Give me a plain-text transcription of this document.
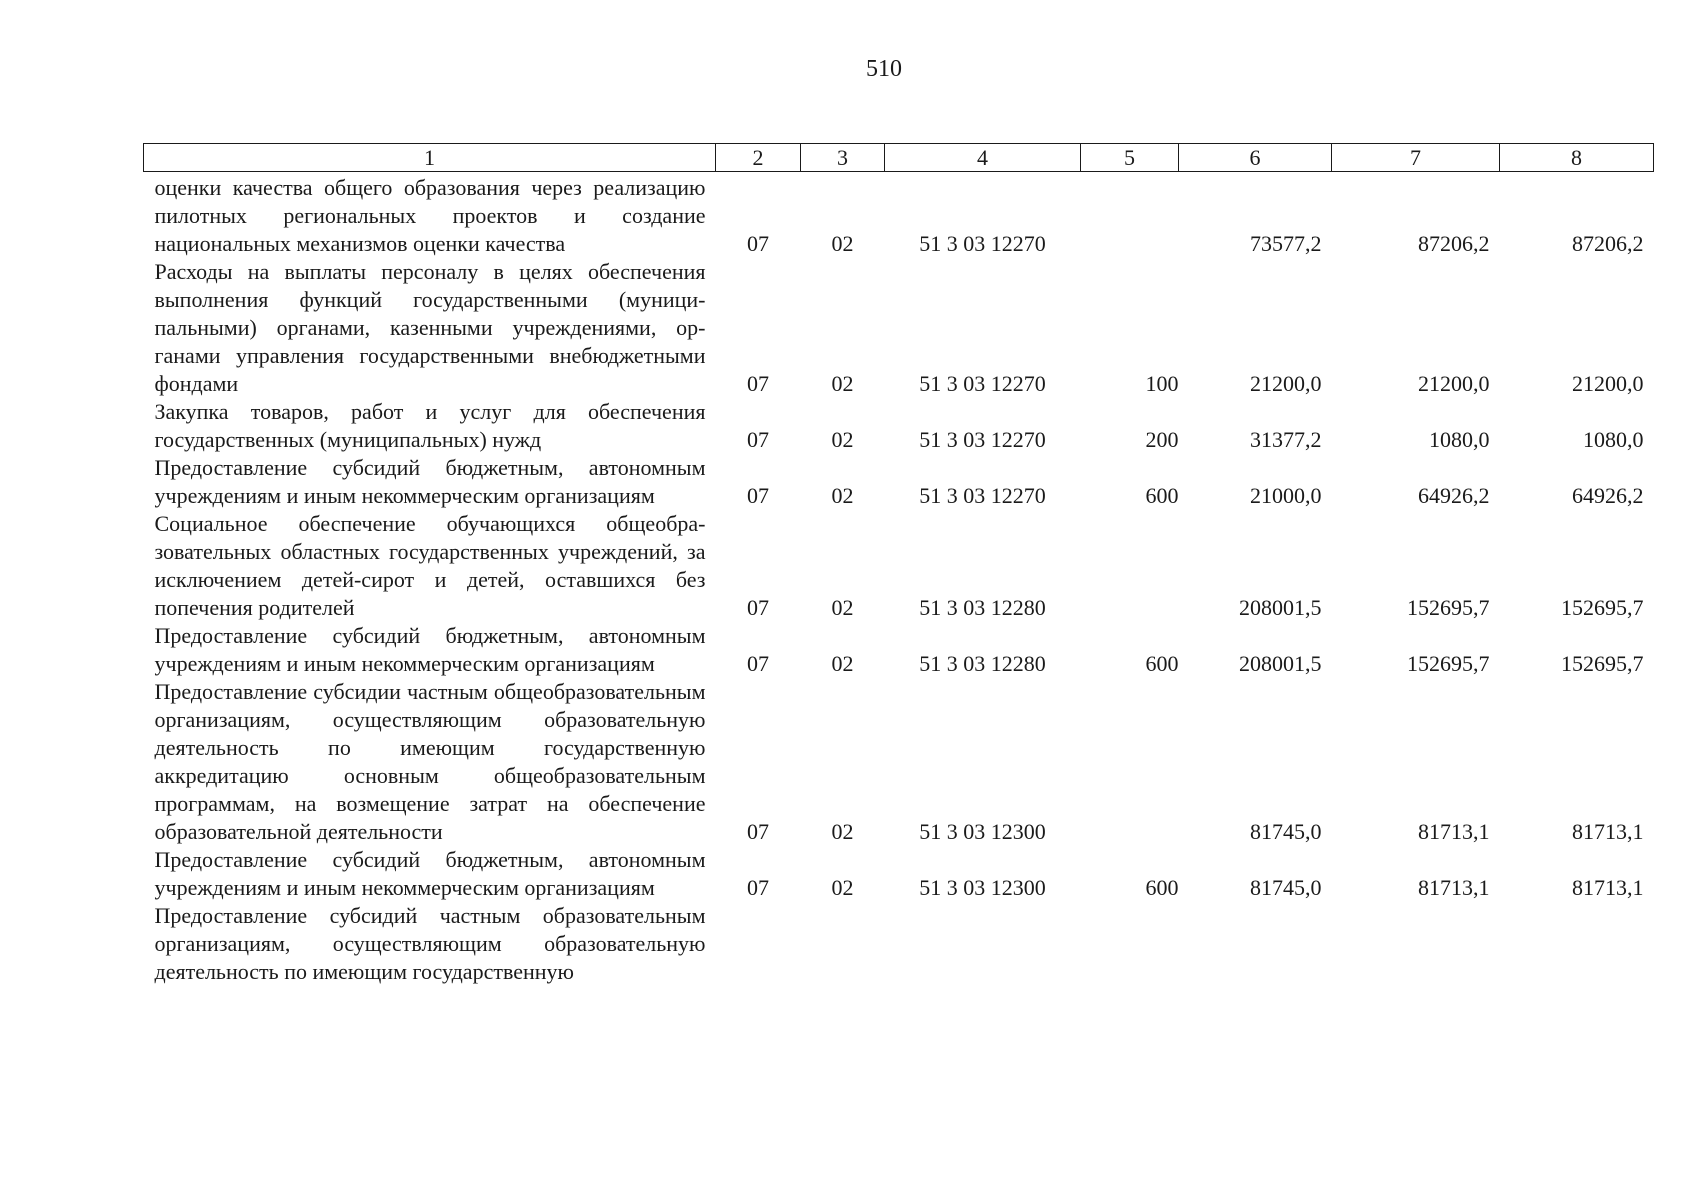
510
1	2	3	4	5	6	7	8
оценки качества общего образования через реализацию пилотных региональных проектов и создание национальных механизмов оценки качества	07	02	51 3 03 12270		73577,2	87206,2	87206,2
Расходы на выплаты персоналу в целях обеспечения выполнения функций государственными (муниципальными) органами, казенными учреждениями, органами управления государственными внебюджетными фондами	07	02	51 3 03 12270	100	21200,0	21200,0	21200,0
Закупка товаров, работ и услуг для обеспечения государственных (муниципальных) нужд	07	02	51 3 03 12270	200	31377,2	1080,0	1080,0
Предоставление субсидий бюджетным, автономным учреждениям и иным некоммерческим организациям	07	02	51 3 03 12270	600	21000,0	64926,2	64926,2
Социальное обеспечение обучающихся общеобразовательных областных государственных учреждений, за исключением детей-сирот и детей, оставшихся без попечения родителей	07	02	51 3 03 12280		208001,5	152695,7	152695,7
Предоставление субсидий бюджетным, автономным учреждениям и иным некоммерческим организациям	07	02	51 3 03 12280	600	208001,5	152695,7	152695,7
Предоставление субсидии частным общеобразовательным организациям, осуществляющим образовательную деятельность по имеющим государственную аккредитацию основным общеобразовательным программам, на возмещение затрат на обеспечение образовательной деятельности	07	02	51 3 03 12300		81745,0	81713,1	81713,1
Предоставление субсидий бюджетным, автономным учреждениям и иным некоммерческим организациям	07	02	51 3 03 12300	600	81745,0	81713,1	81713,1
Предоставление субсидий частным образовательным организациям, осуществляющим образовательную деятельность по имеющим государственную							
